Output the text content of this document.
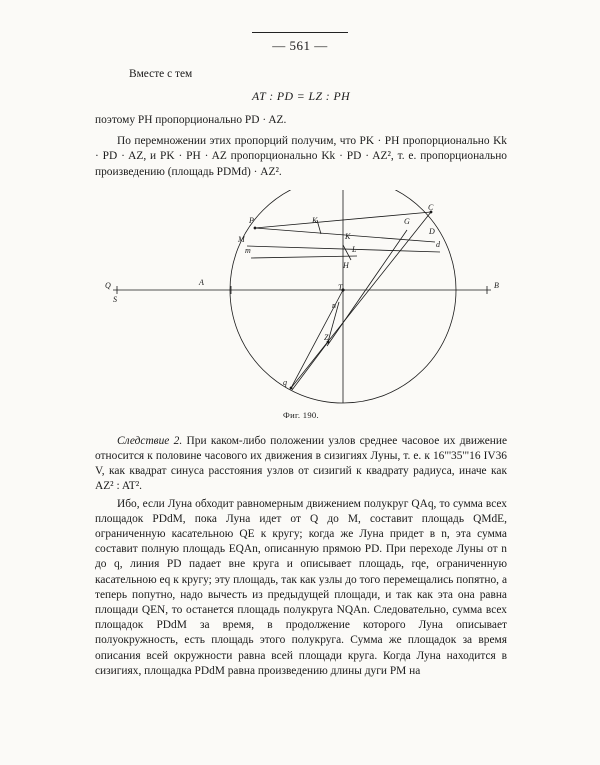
— 561 —
Вместе с тем
AT : PD = LZ : PH

поэтому PH пропорционально PD · AZ.

По перемножении этих пропорций получим, что PK · PH пропорционально Kk · PD · AZ, и PK · PH · AZ пропорционально Kk · PD · AZ², т. е. пропорционально произведению (площадь PDMd) · AZ².

C
P	K	G
D
M	K
d
m	L
H
A
Q	T	B
S
n
Z
q
Фиг. 190.

Следствие 2. При каком-либо положении узлов среднее часовое их движение относится к половине часового их движения в сизигиях Луны, т. е. к 16"'35'"16 IV36 V, как квадрат синуса расстояния узлов от сизигий к квадрату радиуса, иначе как AZ² : AT².

Ибо, если Луна обходит равномерным движением полукруг QAq, то сумма всех площадок PDdM, пока Луна идет от Q до M, составит площадь QMdE, ограниченную касательною QE к кругу; когда же Луна придет в n, эта сумма составит полную площадь EQAn, описанную прямою PD. При переходе Луны от n до q, линия PD падает вне круга и описывает площадь, rqe, ограниченную касательною eq к кругу; эту площадь, так как узлы до того перемещались попятно, а теперь попутно, надо вычесть из предыдущей площади, и так как эта она равна площади QEN, то останется площадь полукруга NQAn. Следовательно, сумма всех площадок PDdM за время, в продолжение которого Луна описывает полуокружность, есть площадь этого полукруга. Сумма же площадок за время описания всей окружности равна всей площади круга. Когда Луна находится в сизигиях, площадка PDdM равна произведению длины дуги PM на
